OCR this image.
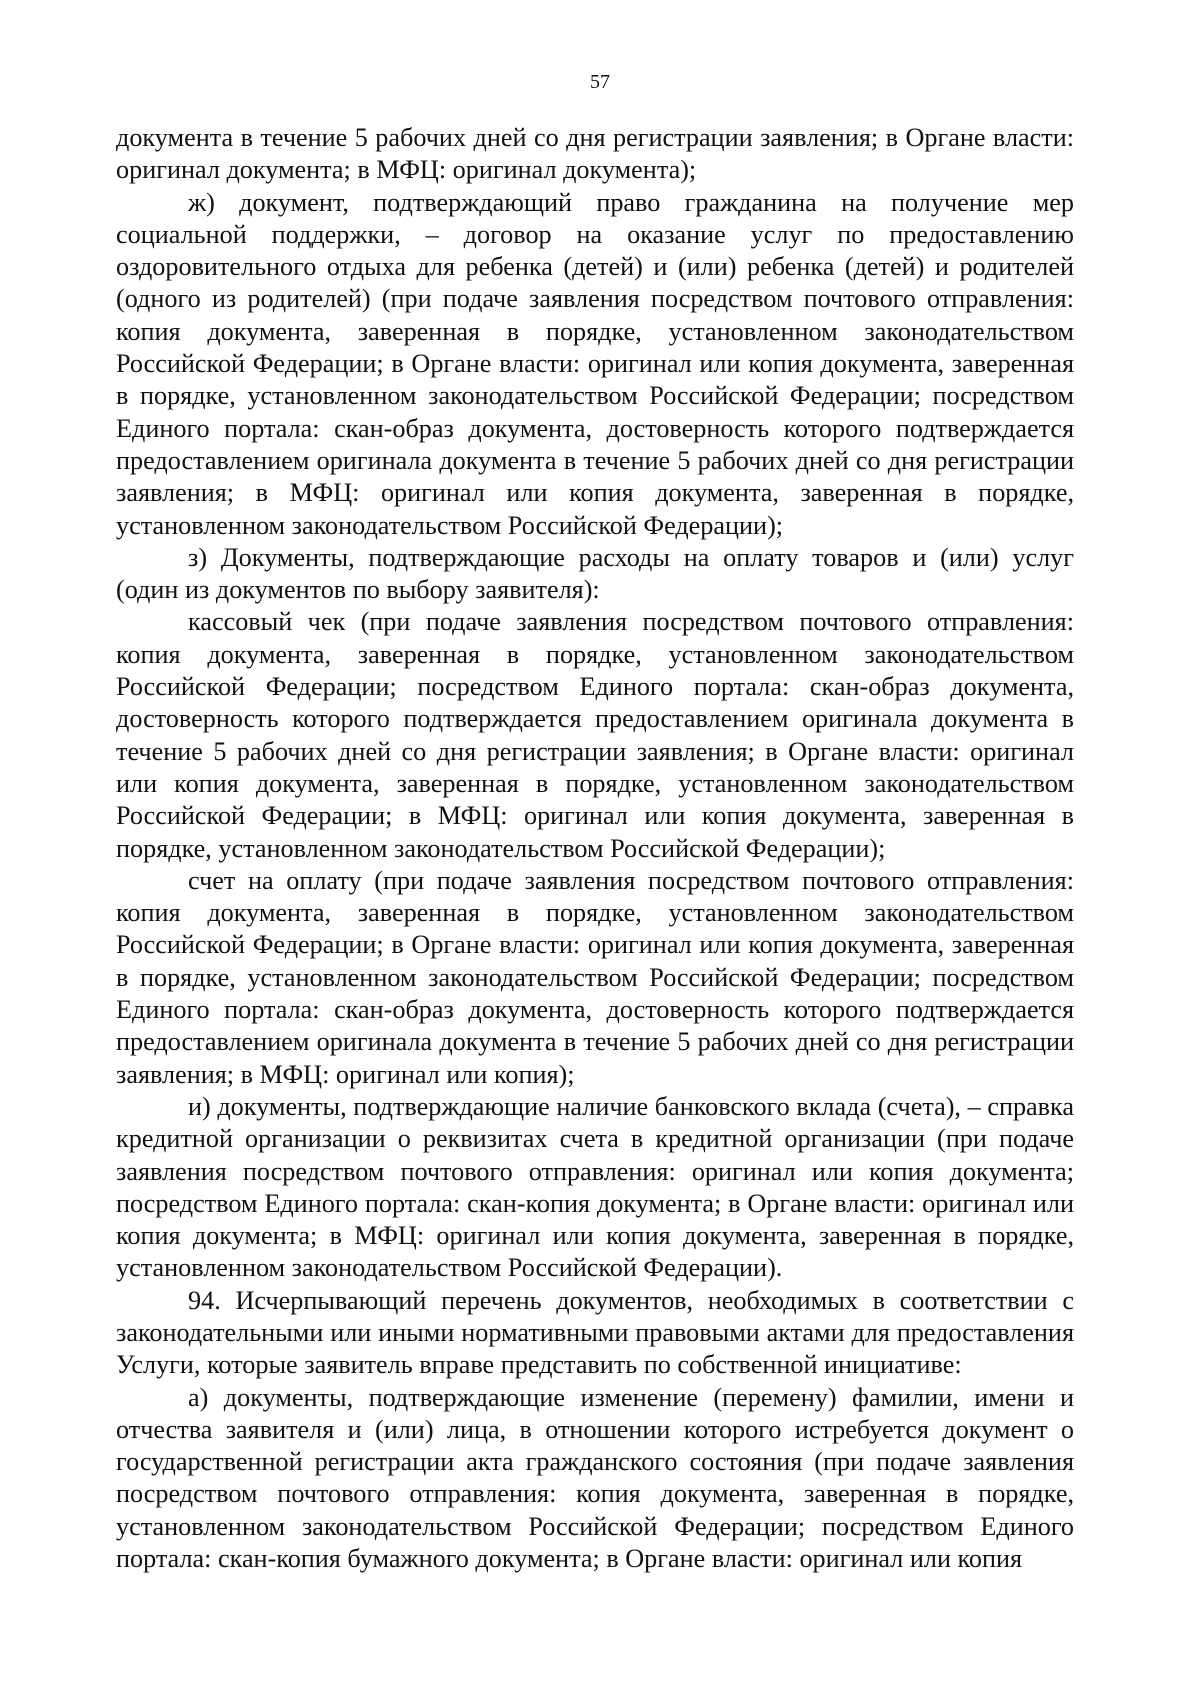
57

документа в течение 5 рабочих дней со дня регистрации заявления; в Органе власти: оригинал документа; в МФЦ: оригинал документа);

ж) документ, подтверждающий право гражданина на получение мер социальной поддержки, – договор на оказание услуг по предоставлению оздоровительного отдыха для ребенка (детей) и (или) ребенка (детей) и родителей (одного из родителей) (при подаче заявления посредством почтового отправления: копия документа, заверенная в порядке, установленном законодательством Российской Федерации; в Органе власти: оригинал или копия документа, заверенная в порядке, установленном законодательством Российской Федерации; посредством Единого портала: скан-образ документа, достоверность которого подтверждается предоставлением оригинала документа в течение 5 рабочих дней со дня регистрации заявления; в МФЦ: оригинал или копия документа, заверенная в порядке, установленном законодательством Российской Федерации);

з) Документы, подтверждающие расходы на оплату товаров и (или) услуг (один из документов по выбору заявителя):

кассовый чек (при подаче заявления посредством почтового отправления: копия документа, заверенная в порядке, установленном законодательством Российской Федерации; посредством Единого портала: скан-образ документа, достоверность которого подтверждается предоставлением оригинала документа в течение 5 рабочих дней со дня регистрации заявления; в Органе власти: оригинал или копия документа, заверенная в порядке, установленном законодательством Российской Федерации; в МФЦ: оригинал или копия документа, заверенная в порядке, установленном законодательством Российской Федерации);

счет на оплату (при подаче заявления посредством почтового отправления: копия документа, заверенная в порядке, установленном законодательством Российской Федерации; в Органе власти: оригинал или копия документа, заверенная в порядке, установленном законодательством Российской Федерации; посредством Единого портала: скан-образ документа, достоверность которого подтверждается предоставлением оригинала документа в течение 5 рабочих дней со дня регистрации заявления; в МФЦ: оригинал или копия);

и) документы, подтверждающие наличие банковского вклада (счета), – справка кредитной организации о реквизитах счета в кредитной организации (при подаче заявления посредством почтового отправления: оригинал или копия документа; посредством Единого портала: скан-копия документа; в Органе власти: оригинал или копия документа; в МФЦ: оригинал или копия документа, заверенная в порядке, установленном законодательством Российской Федерации).

94. Исчерпывающий перечень документов, необходимых в соответствии с законодательными или иными нормативными правовыми актами для предоставления Услуги, которые заявитель вправе представить по собственной инициативе:

а) документы, подтверждающие изменение (перемену) фамилии, имени и отчества заявителя и (или) лица, в отношении которого истребуется документ о государственной регистрации акта гражданского состояния (при подаче заявления посредством почтового отправления: копия документа, заверенная в порядке, установленном законодательством Российской Федерации; посредством Единого портала: скан-копия бумажного документа; в Органе власти: оригинал или копия
